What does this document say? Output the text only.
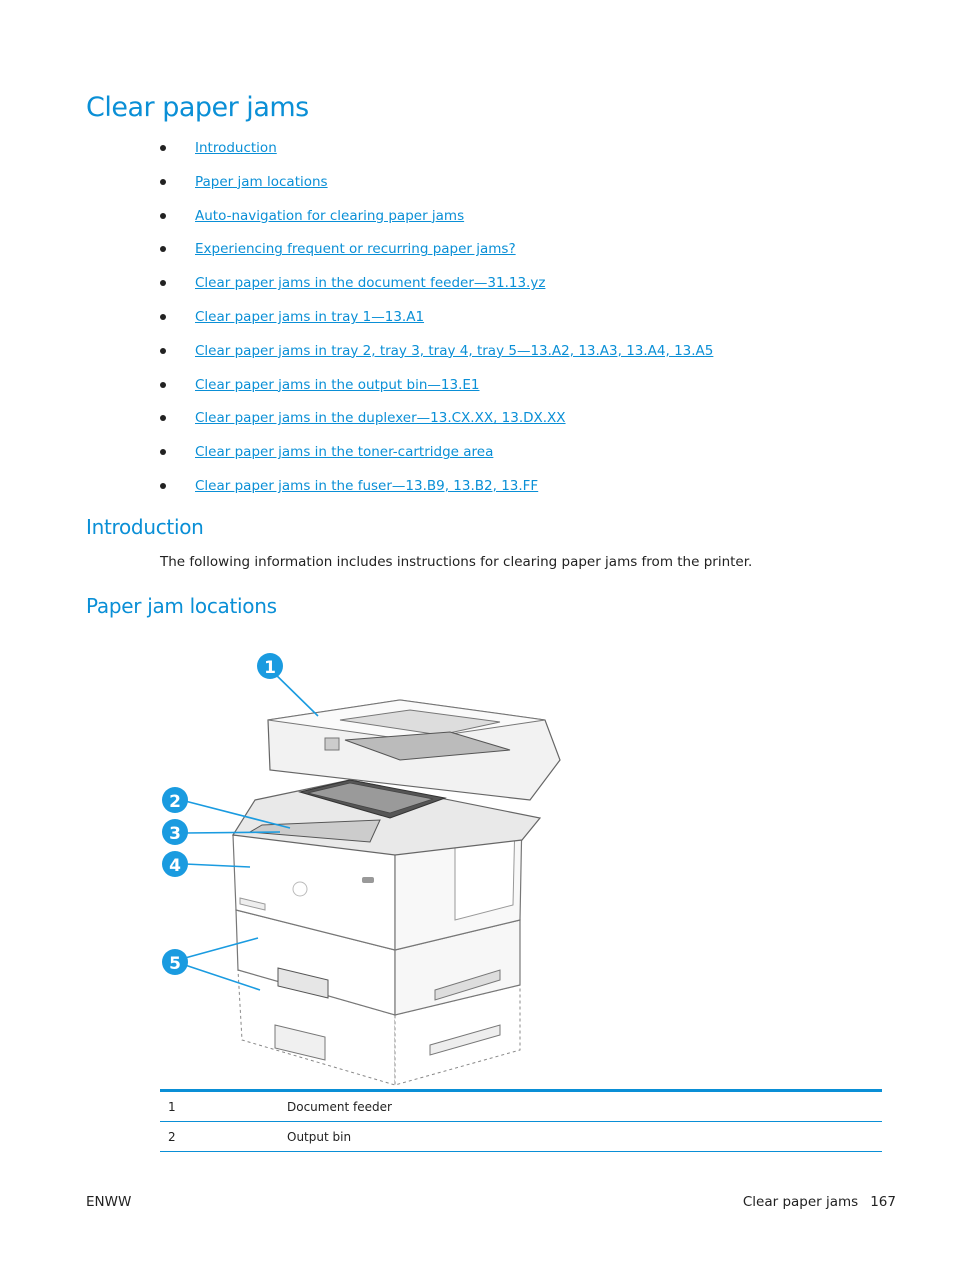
Clear paper jams
Introduction
Paper jam locations
Auto-navigation for clearing paper jams
Experiencing frequent or recurring paper jams?
Clear paper jams in the document feeder—31.13.yz
Clear paper jams in tray 1—13.A1
Clear paper jams in tray 2, tray 3, tray 4, tray 5—13.A2, 13.A3, 13.A4, 13.A5
Clear paper jams in the output bin—13.E1
Clear paper jams in the duplexer—13.CX.XX, 13.DX.XX
Clear paper jams in the toner-cartridge area
Clear paper jams in the fuser—13.B9, 13.B2, 13.FF
Introduction

The following information includes instructions for clearing paper jams from the printer.

Paper jam locations
1
2
3
4
5
1	Document feeder
2	Output bin
ENWW	Clear paper jams 167
